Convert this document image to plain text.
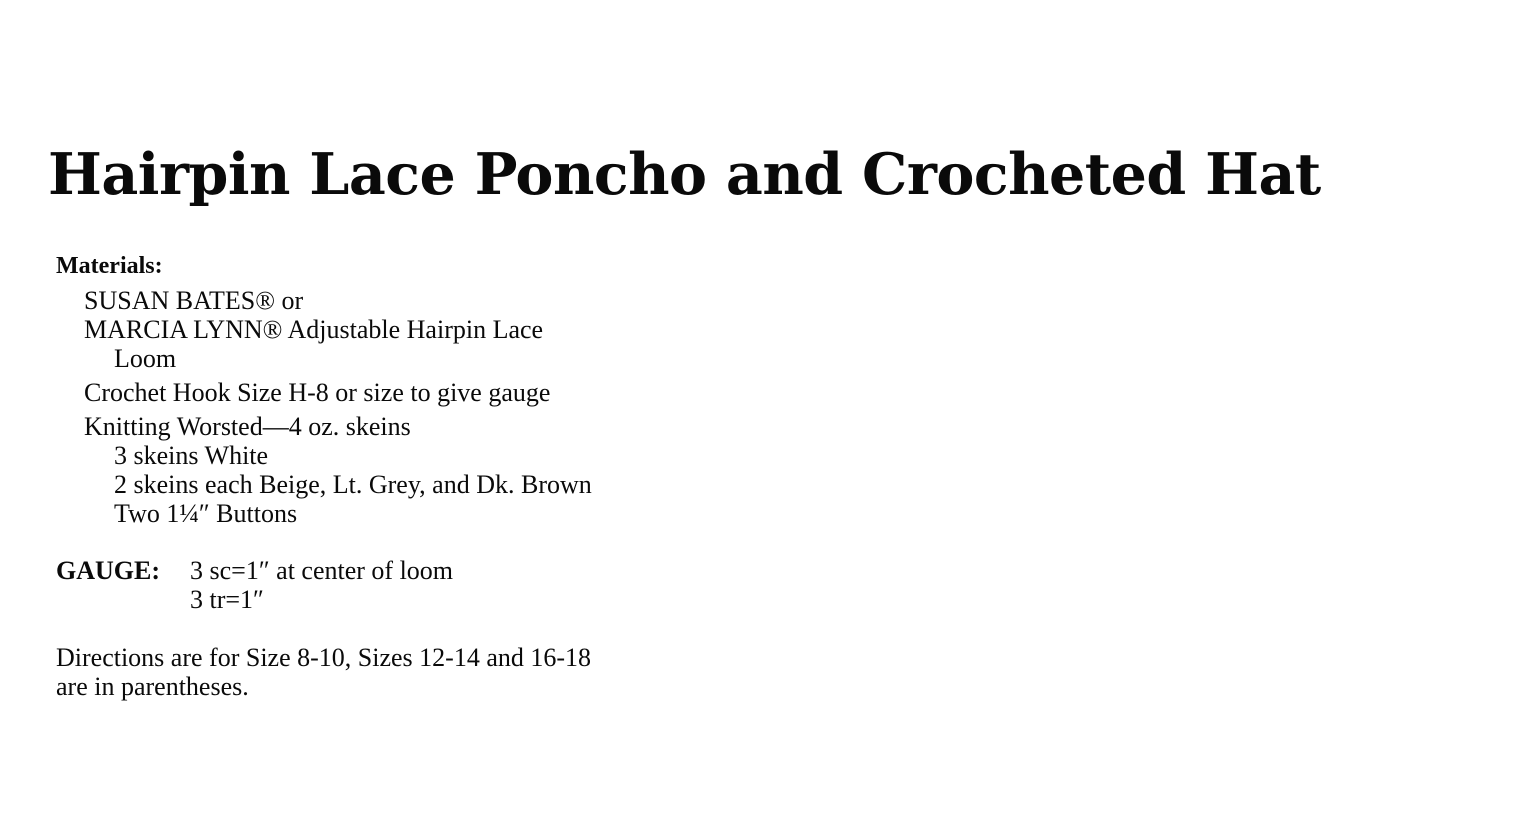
Hairpin Lace Poncho and Crocheted Hat
Materials:
SUSAN BATES® or
MARCIA LYNN® Adjustable Hairpin Lace
Loom
Crochet Hook Size H-8 or size to give gauge
Knitting Worsted—4 oz. skeins
3 skeins White
2 skeins each Beige, Lt. Grey, and Dk. Brown
Two 1¼″ Buttons
GAUGE: 3 sc=1″ at center of loom
3 tr=1″
Directions are for Size 8-10, Sizes 12-14 and 16-18
are in parentheses.
